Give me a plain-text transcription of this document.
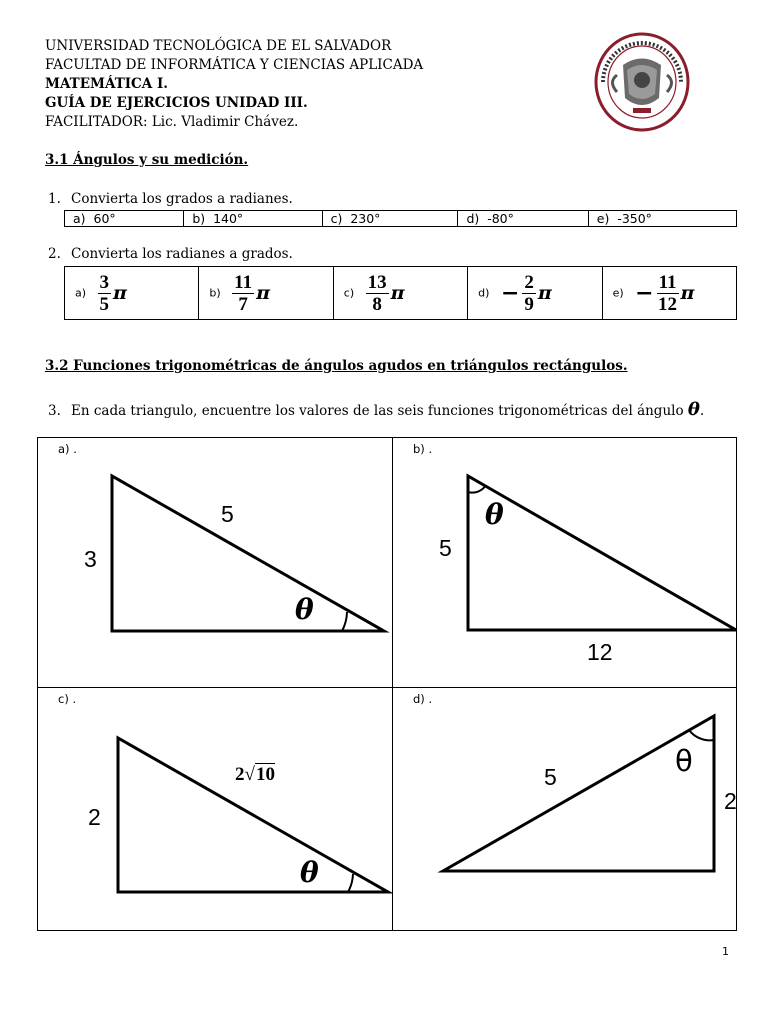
UNIVERSIDAD TECNOLÓGICA DE EL SALVADOR
FACULTAD DE INFORMÁTICA Y CIENCIAS APLICADA
MATEMÁTICA I.
GUÍA DE EJERCICIOS UNIDAD III.
FACILITADOR: Lic. Vladimir Chávez.
3.1 Ángulos y su medición.
1. Convierta los grados a radianes.
a) 60°	b) 140°	c) 230°	d) -80°	e) -350°
2. Convierta los radianes a grados.
$a) \frac{3}{5}$ π	$b) \frac{11}{7}$ π	$c) \frac{13}{8}$ π	$d) - \frac{2}{9}$ π	$e) - \frac{11}{12}$ π
3.2 Funciones trigonométricas de ángulos agudos en triángulos rectángulos.
3. En cada triangulo, encuentre los valores de las seis funciones trigonométricas del ángulo θ.
a) .
3
5
θ
b) .
θ
5
12
c) .
2
2√10
θ
d) .
5	θ
2
1
